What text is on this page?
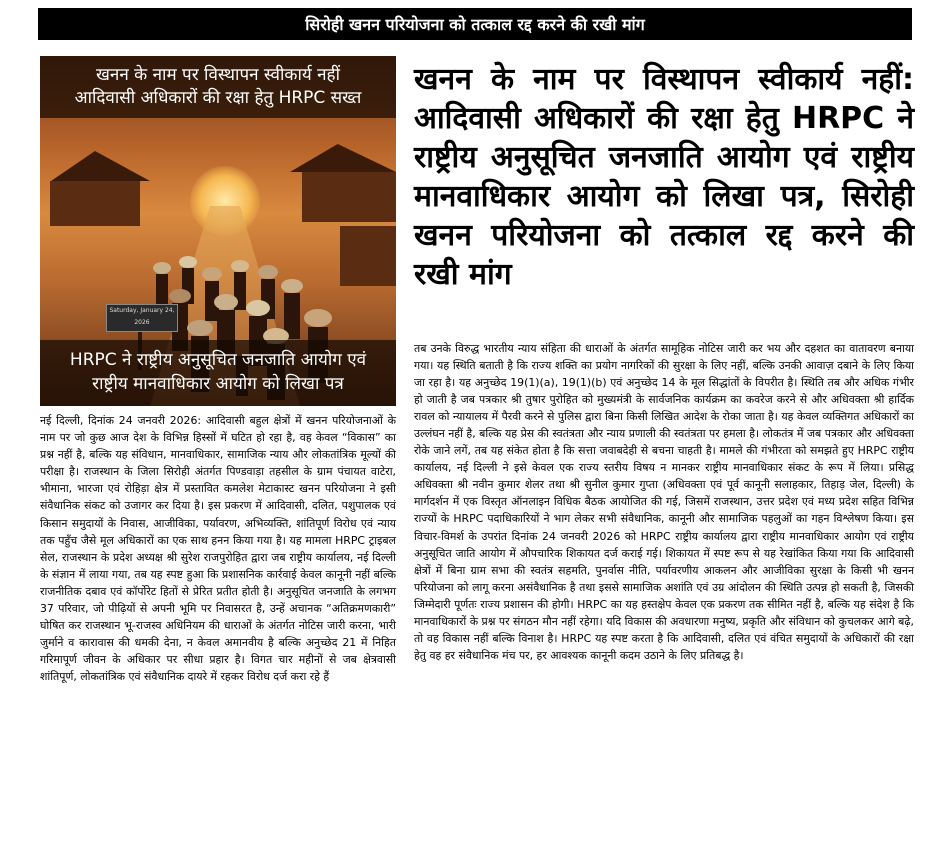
सिरोही खनन परियोजना को तत्काल रद्द करने की रखी मांग
Saturday, January 24, 2026
खनन के नाम पर विस्थापन स्वीकार्य नहीं
आदिवासी अधिकारों की रक्षा हेतु HRPC सख्त
HRPC ने राष्ट्रीय अनुसूचित जनजाति आयोग एवं
राष्ट्रीय मानवाधिकार आयोग को लिखा पत्र
खनन के नाम पर विस्थापन स्वीकार्य नहीं: आदिवासी अधिकारों की रक्षा हेतु HRPC ने राष्ट्रीय अनुसूचित जनजाति आयोग एवं राष्ट्रीय मानवाधिकार आयोग को लिखा पत्र, सिरोही खनन परियोजना को तत्काल रद्द करने की रखी मांग
नई दिल्ली, दिनांक 24 जनवरी 2026: आदिवासी बहुल क्षेत्रों में खनन परियोजनाओं के नाम पर जो कुछ आज देश के विभिन्न हिस्सों में घटित हो रहा है, वह केवल “विकास” का प्रश्न नहीं है, बल्कि यह संविधान, मानवाधिकार, सामाजिक न्याय और लोकतांत्रिक मूल्यों की परीक्षा है। राजस्थान के जिला सिरोही अंतर्गत पिण्डवाड़ा तहसील के ग्राम पंचायत वाटेरा, भीमाना, भारजा एवं रोहिड़ा क्षेत्र में प्रस्तावित कमलेश मेटाकास्ट खनन परियोजना ने इसी संवैधानिक संकट को उजागर कर दिया है। इस प्रकरण में आदिवासी, दलित, पशुपालक एवं किसान समुदायों के निवास, आजीविका, पर्यावरण, अभिव्यक्ति, शांतिपूर्ण विरोध एवं न्याय तक पहुँच जैसे मूल अधिकारों का एक साथ हनन किया गया है। यह मामला HRPC ट्राइबल सेल, राजस्थान के प्रदेश अध्यक्ष श्री सुरेश राजपुरोहित द्वारा जब राष्ट्रीय कार्यालय, नई दिल्ली के संज्ञान में लाया गया, तब यह स्पष्ट हुआ कि प्रशासनिक कार्रवाई केवल कानूनी नहीं बल्कि राजनीतिक दबाव एवं कॉर्पोरेट हितों से प्रेरित प्रतीत होती है। अनुसूचित जनजाति के लगभग 37 परिवार, जो पीढ़ियों से अपनी भूमि पर निवासरत है, उन्हें अचानक “अतिक्रमणकारी” घोषित कर राजस्थान भू-राजस्व अधिनियम की धाराओं के अंतर्गत नोटिस जारी करना, भारी जुर्माने व कारावास की धमकी देना, न केवल अमानवीय है बल्कि अनुच्छेद 21 में निहित गरिमापूर्ण जीवन के अधिकार पर सीधा प्रहार है। विगत चार महीनों से जब क्षेत्रवासी शांतिपूर्ण, लोकतांत्रिक एवं संवैधानिक दायरे में रहकर विरोध दर्ज करा रहे हैं
तब उनके विरुद्ध भारतीय न्याय संहिता की धाराओं के अंतर्गत सामूहिक नोटिस जारी कर भय और दहशत का वातावरण बनाया गया। यह स्थिति बताती है कि राज्य शक्ति का प्रयोग नागरिकों की सुरक्षा के लिए नहीं, बल्कि उनकी आवाज़ दबाने के लिए किया जा रहा है। यह अनुच्छेद 19(1)(a), 19(1)(b) एवं अनुच्छेद 14 के मूल सिद्धांतों के विपरीत है। स्थिति तब और अधिक गंभीर हो जाती है जब पत्रकार श्री तुषार पुरोहित को मुख्यमंत्री के सार्वजनिक कार्यक्रम का कवरेज करने से और अधिवक्ता श्री हार्दिक रावल को न्यायालय में पैरवी करने से पुलिस द्वारा बिना किसी लिखित आदेश के रोका जाता है। यह केवल व्यक्तिगत अधिकारों का उल्लंघन नहीं है, बल्कि यह प्रेस की स्वतंत्रता और न्याय प्रणाली की स्वतंत्रता पर हमला है। लोकतंत्र में जब पत्रकार और अधिवक्ता रोके जाने लगें, तब यह संकेत होता है कि सत्ता जवाबदेही से बचना चाहती है। मामले की गंभीरता को समझते हुए HRPC राष्ट्रीय कार्यालय, नई दिल्ली ने इसे केवल एक राज्य स्तरीय विषय न मानकर राष्ट्रीय मानवाधिकार संकट के रूप में लिया। प्रसिद्ध अधिवक्ता श्री नवीन कुमार शेलर तथा श्री सुनील कुमार गुप्ता (अधिवक्ता एवं पूर्व कानूनी सलाहकार, तिहाड़ जेल, दिल्ली) के मार्गदर्शन में एक विस्तृत ऑनलाइन विधिक बैठक आयोजित की गई, जिसमें राजस्थान, उत्तर प्रदेश एवं मध्य प्रदेश सहित विभिन्न राज्यों के HRPC पदाधिकारियों ने भाग लेकर सभी संवैधानिक, कानूनी और सामाजिक पहलुओं का गहन विश्लेषण किया। इस विचार-विमर्श के उपरांत दिनांक 24 जनवरी 2026 को HRPC राष्ट्रीय कार्यालय द्वारा राष्ट्रीय मानवाधिकार आयोग एवं राष्ट्रीय अनुसूचित जाति आयोग में औपचारिक शिकायत दर्ज कराई गई। शिकायत में स्पष्ट रूप से यह रेखांकित किया गया कि आदिवासी क्षेत्रों में बिना ग्राम सभा की स्वतंत्र सहमति, पुनर्वास नीति, पर्यावरणीय आकलन और आजीविका सुरक्षा के किसी भी खनन परियोजना को लागू करना असंवैधानिक है तथा इससे सामाजिक अशांति एवं उग्र आंदोलन की स्थिति उत्पन्न हो सकती है, जिसकी जिम्मेदारी पूर्णतः राज्य प्रशासन की होगी। HRPC का यह हस्तक्षेप केवल एक प्रकरण तक सीमित नहीं है, बल्कि यह संदेश है कि मानवाधिकारों के प्रश्न पर संगठन मौन नहीं रहेगा। यदि विकास की अवधारणा मनुष्य, प्रकृति और संविधान को कुचलकर आगे बढ़े, तो वह विकास नहीं बल्कि विनाश है। HRPC यह स्पष्ट करता है कि आदिवासी, दलित एवं वंचित समुदायों के अधिकारों की रक्षा हेतु वह हर संवैधानिक मंच पर, हर आवश्यक कानूनी कदम उठाने के लिए प्रतिबद्ध है।
